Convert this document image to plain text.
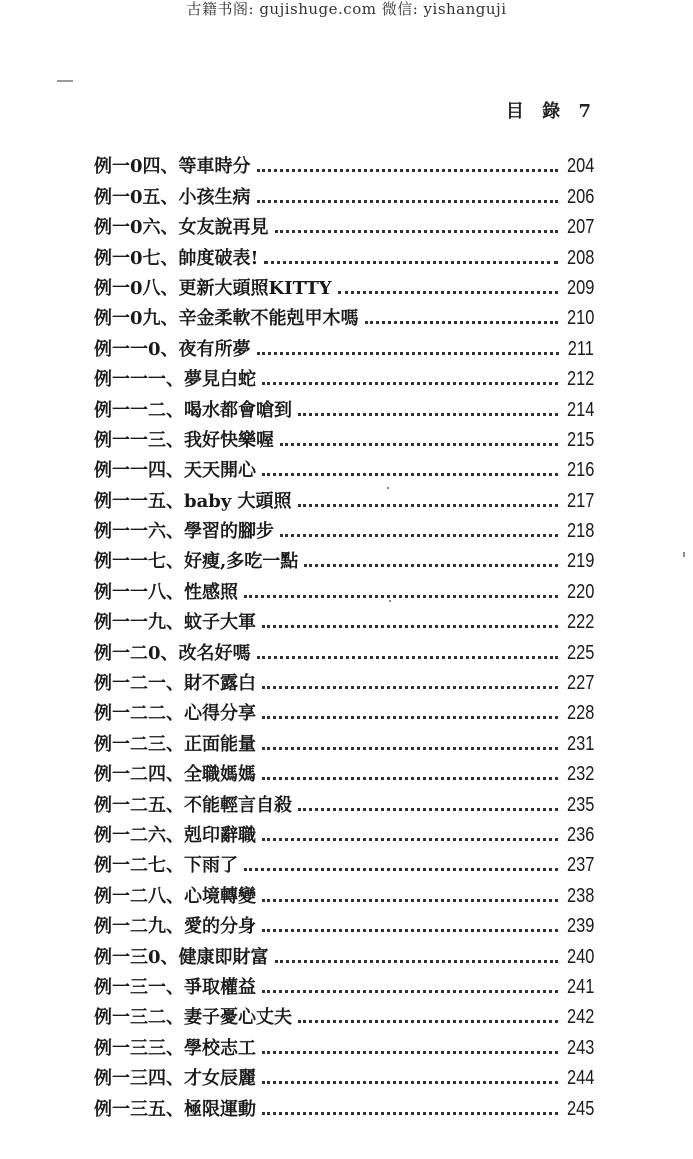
古籍书阁: gujishuge.com 微信: yishanguji
目 錄 7
例一0四、等車時分	204
例一0五、小孩生病	206
例一0六、女友說再見	207
例一0七、帥度破表!	208
例一0八、更新大頭照KITTY	209
例一0九、辛金柔軟不能剋甲木嗎	210
例一一0、夜有所夢	211
例一一一、夢見白蛇	212
例一一二、喝水都會嗆到	214
例一一三、我好快樂喔	215
例一一四、天天開心	216
例一一五、baby 大頭照	217
例一一六、學習的腳步	218
例一一七、好瘦,多吃一點	219
例一一八、性感照	220
例一一九、蚊子大軍	222
例一二0、改名好嗎	225
例一二一、財不露白	227
例一二二、心得分享	228
例一二三、正面能量	231
例一二四、全職媽媽	232
例一二五、不能輕言自殺	235
例一二六、剋印辭職	236
例一二七、下雨了	237
例一二八、心境轉變	238
例一二九、愛的分身	239
例一三0、健康即財富	240
例一三一、爭取權益	241
例一三二、妻子憂心丈夫	242
例一三三、學校志工	243
例一三四、才女辰麗	244
例一三五、極限運動	245
